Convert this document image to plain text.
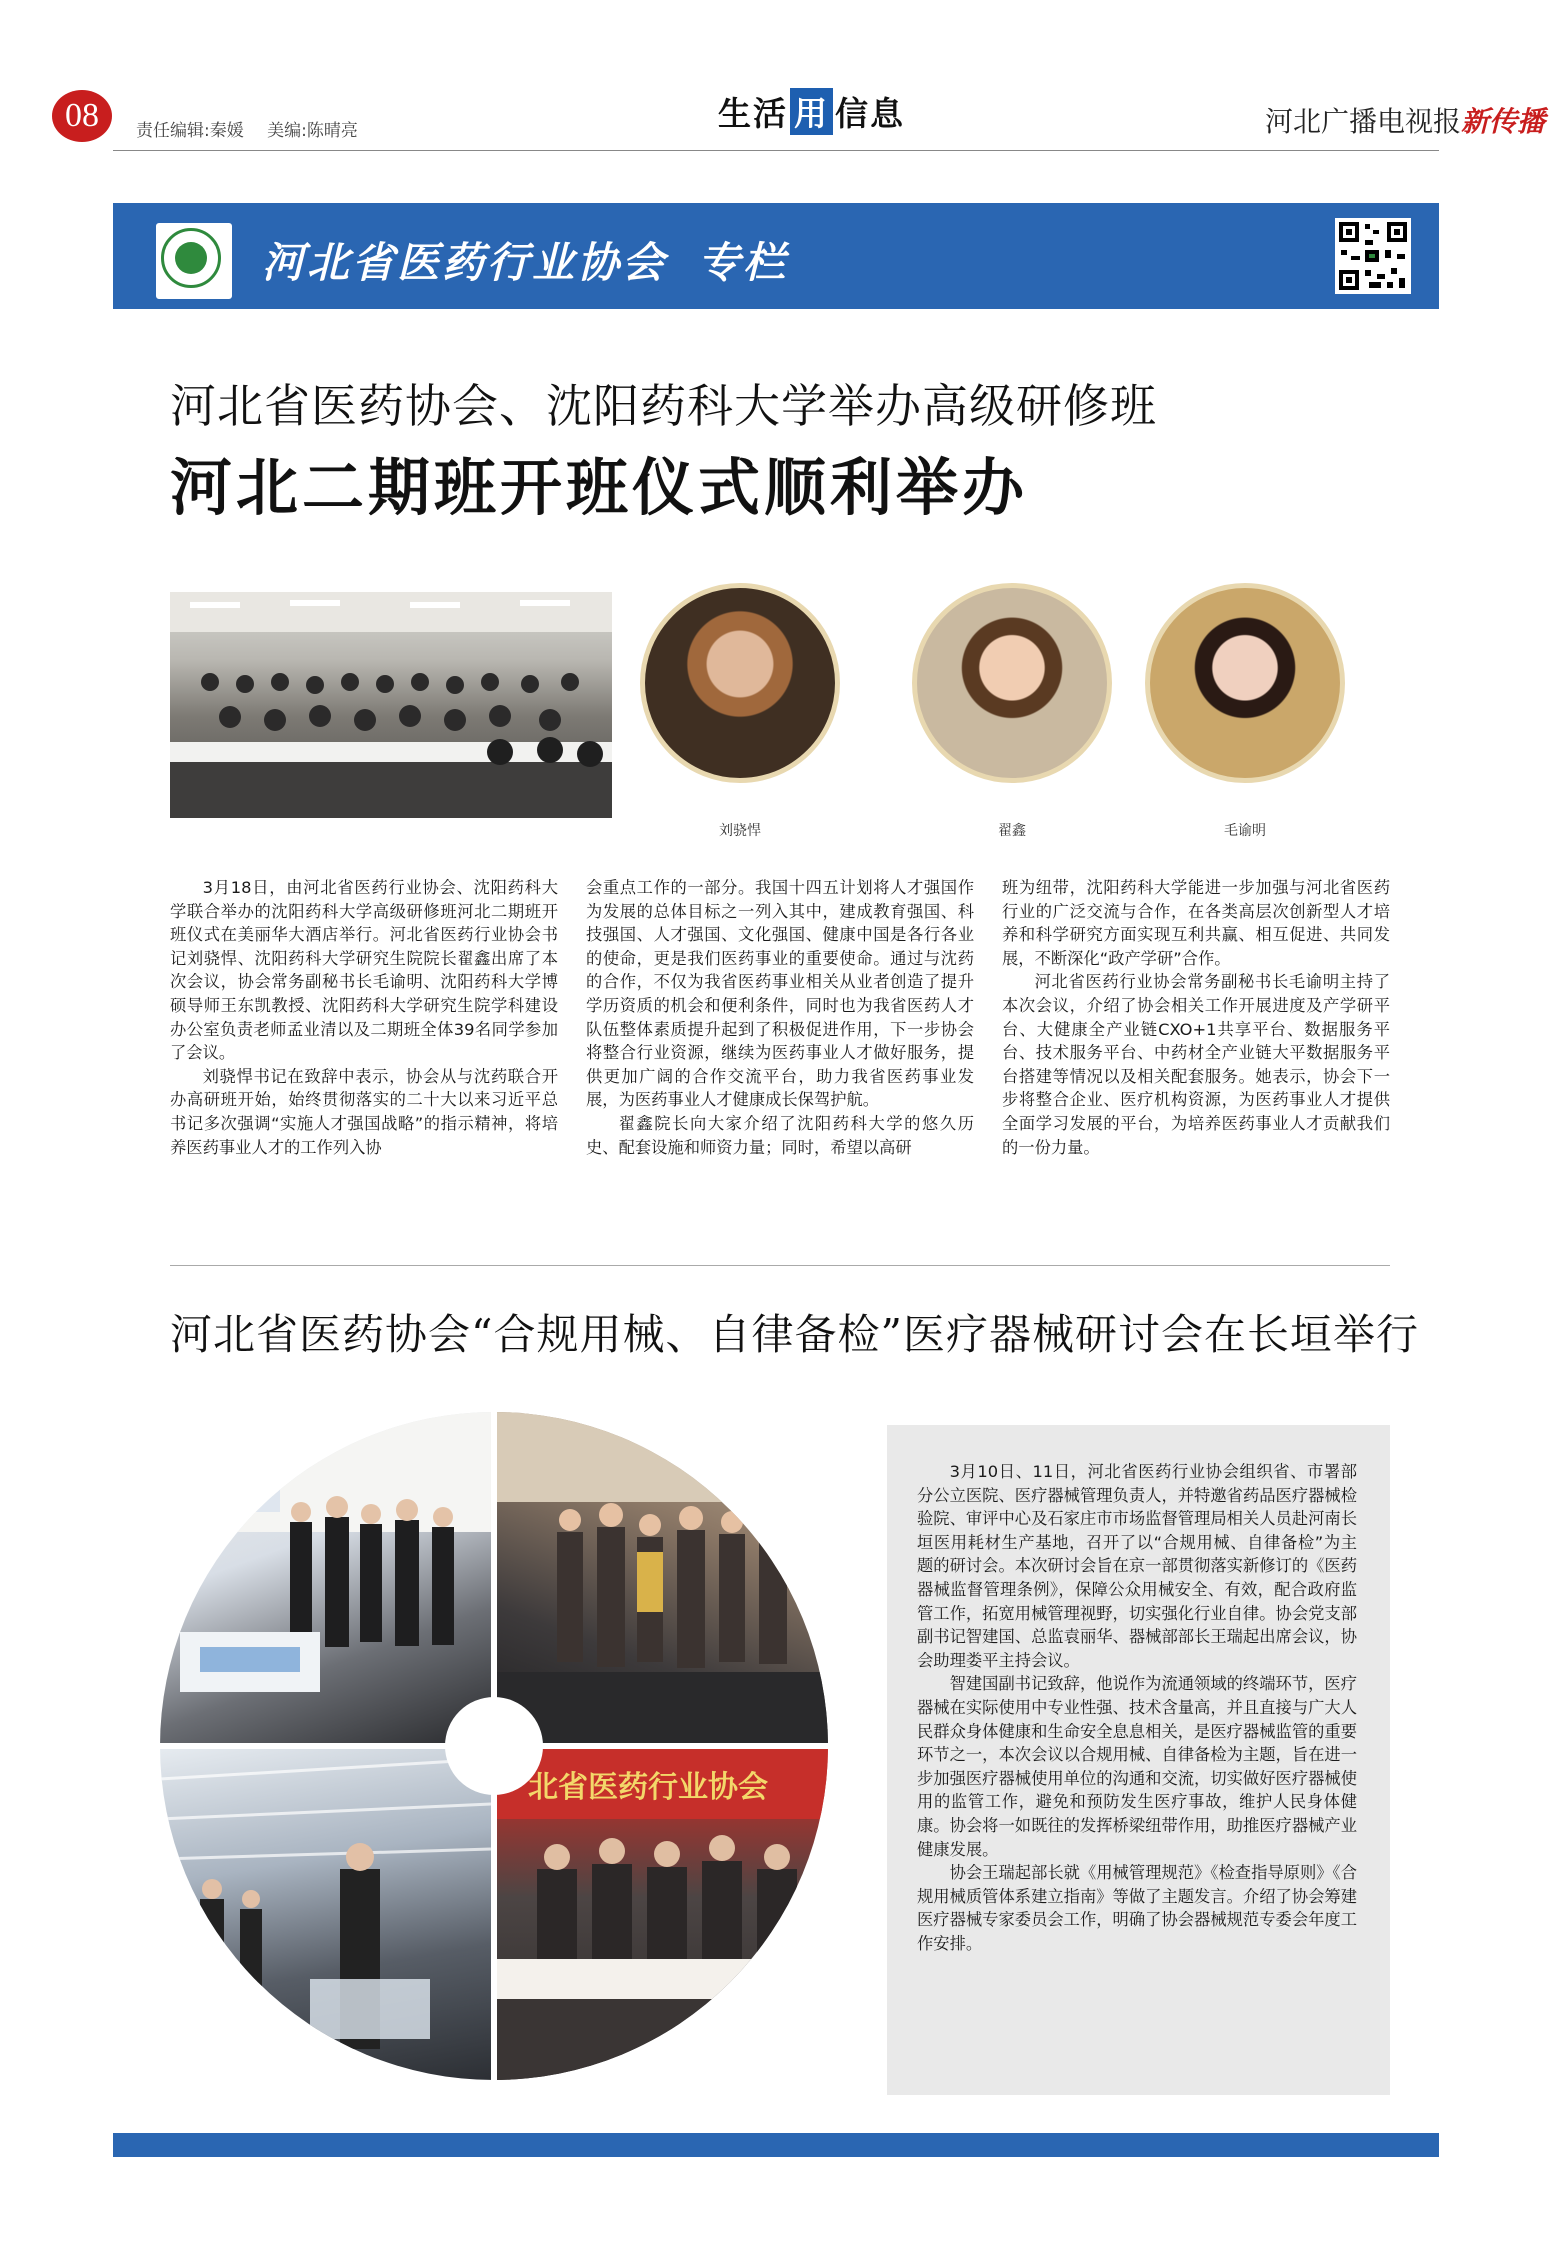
08	责任编辑:秦媛 美编:陈晴亮	生活 用 信息	河北广播电视报新传播
河北省医药行业协会 专栏
河北省医药协会、沈阳药科大学举办高级研修班
河北二期班开班仪式顺利举办
刘骁悍	翟鑫	毛谕明

3月18日，由河北省医药行业协会、沈阳药科大学联合举办的沈阳药科大学高级研修班河北二期班开班仪式在美丽华大酒店举行。河北省医药行业协会书记刘骁悍、沈阳药科大学研究生院院长翟鑫出席了本次会议，协会常务副秘书长毛谕明、沈阳药科大学博硕导师王东凯教授、沈阳药科大学研究生院学科建设办公室负责老师孟业清以及二期班全体39名同学参加了会议。

刘骁悍书记在致辞中表示，协会从与沈药联合开办高研班开始，始终贯彻落实的二十大以来习近平总书记多次强调“实施人才强国战略”的指示精神，将培养医药事业人才的工作列入协

会重点工作的一部分。我国十四五计划将人才强国作为发展的总体目标之一列入其中，建成教育强国、科技强国、人才强国、文化强国、健康中国是各行各业的使命，更是我们医药事业的重要使命。通过与沈药的合作，不仅为我省医药事业相关从业者创造了提升学历资质的机会和便利条件，同时也为我省医药人才队伍整体素质提升起到了积极促进作用，下一步协会将整合行业资源，继续为医药事业人才做好服务，提供更加广阔的合作交流平台，助力我省医药事业发展，为医药事业人才健康成长保驾护航。

翟鑫院长向大家介绍了沈阳药科大学的悠久历史、配套设施和师资力量；同时，希望以高研

班为纽带，沈阳药科大学能进一步加强与河北省医药行业的广泛交流与合作，在各类高层次创新型人才培养和科学研究方面实现互利共赢、相互促进、共同发展，不断深化“政产学研”合作。

河北省医药行业协会常务副秘书长毛谕明主持了本次会议，介绍了协会相关工作开展进度及产学研平台、大健康全产业链CXO+1共享平台、数据服务平台、技术服务平台、中药材全产业链大平数据服务平台搭建等情况以及相关配套服务。她表示，协会下一步将整合企业、医疗机构资源，为医药事业人才提供全面学习发展的平台，为培养医药事业人才贡献我们的一份力量。

河北省医药协会“合规用械、自律备检”医疗器械研讨会在长垣举行
北省医药行业协会

3月10日、11日，河北省医药行业协会组织省、市署部分公立医院、医疗器械管理负责人，并特邀省药品医疗器械检验院、审评中心及石家庄市市场监督管理局相关人员赴河南长垣医用耗材生产基地，召开了以“合规用械、自律备检”为主题的研讨会。本次研讨会旨在京一部贯彻落实新修订的《医药器械监督管理条例》，保障公众用械安全、有效，配合政府监管工作，拓宽用械管理视野，切实强化行业自律。协会党支部副书记智建国、总监袁丽华、器械部部长王瑞起出席会议，协会助理娄平主持会议。

智建国副书记致辞，他说作为流通领域的终端环节，医疗器械在实际使用中专业性强、技术含量高，并且直接与广大人民群众身体健康和生命安全息息相关，是医疗器械监管的重要环节之一，本次会议以合规用械、自律备检为主题，旨在进一步加强医疗器械使用单位的沟通和交流，切实做好医疗器械使用的监管工作，避免和预防发生医疗事故，维护人民身体健康。协会将一如既往的发挥桥梁纽带作用，助推医疗器械产业健康发展。

协会王瑞起部长就《用械管理规范》《检查指导原则》《合规用械质管体系建立指南》等做了主题发言。介绍了协会筹建医疗器械专家委员会工作，明确了协会器械规范专委会年度工作安排。
